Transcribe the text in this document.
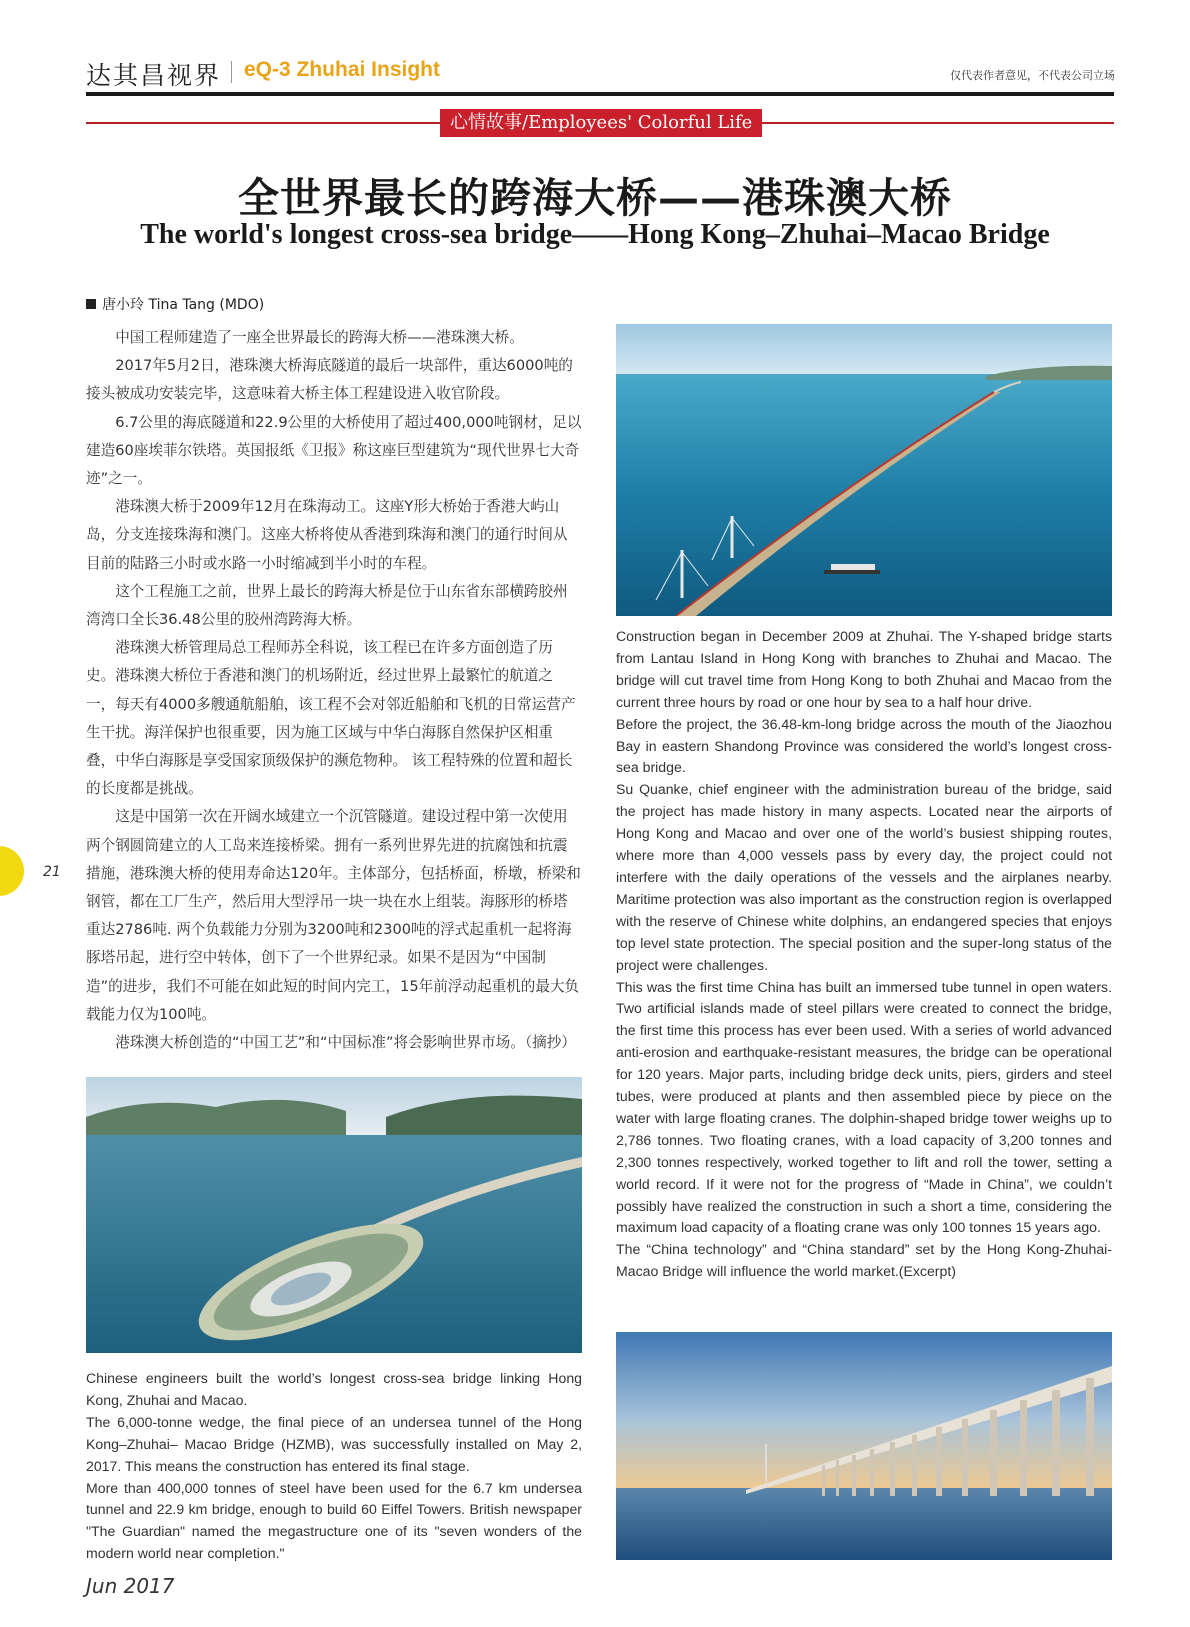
达其昌视界 eQ-3 Zhuhai Insight	仅代表作者意见，不代表公司立场
心情故事/Employees' Colorful Life
全世界最长的跨海大桥——港珠澳大桥
The world's longest cross-sea bridge——Hong Kong–Zhuhai–Macao Bridge
唐小玲 Tina Tang (MDO)

中国工程师建造了一座全世界最长的跨海大桥——港珠澳大桥。

2017年5月2日，港珠澳大桥海底隧道的最后一块部件，重达6000吨的接头被成功安装完毕，这意味着大桥主体工程建设进入收官阶段。

6.7公里的海底隧道和22.9公里的大桥使用了超过400,000吨钢材，足以建造60座埃菲尔铁塔。英国报纸《卫报》称这座巨型建筑为“现代世界七大奇迹”之一。

港珠澳大桥于2009年12月在珠海动工。这座Y形大桥始于香港大屿山岛，分支连接珠海和澳门。这座大桥将使从香港到珠海和澳门的通行时间从目前的陆路三小时或水路一小时缩减到半小时的车程。

这个工程施工之前，世界上最长的跨海大桥是位于山东省东部横跨胶州湾湾口全长36.48公里的胶州湾跨海大桥。

港珠澳大桥管理局总工程师苏全科说，该工程已在许多方面创造了历史。港珠澳大桥位于香港和澳门的机场附近，经过世界上最繁忙的航道之一，每天有4000多艘通航船舶，该工程不会对邻近船舶和飞机的日常运营产生干扰。海洋保护也很重要，因为施工区域与中华白海豚自然保护区相重叠，中华白海豚是享受国家顶级保护的濒危物种。 该工程特殊的位置和超长的长度都是挑战。

这是中国第一次在开阔水域建立一个沉管隧道。建设过程中第一次使用两个钢圆筒建立的人工岛来连接桥梁。拥有一系列世界先进的抗腐蚀和抗震措施，港珠澳大桥的使用寿命达120年。主体部分，包括桥面，桥墩，桥梁和钢管，都在工厂生产，然后用大型浮吊一块一块在水上组装。海豚形的桥塔重达2786吨. 两个负载能力分别为3200吨和2300吨的浮式起重机一起将海豚塔吊起，进行空中转体，创下了一个世界纪录。如果不是因为“中国制造”的进步，我们不可能在如此短的时间内完工，15年前浮动起重机的最大负载能力仅为100吨。

港珠澳大桥创造的“中国工艺”和“中国标准”将会影响世界市场。（摘抄）

Construction began in December 2009 at Zhuhai. The Y-shaped bridge starts from Lantau Island in Hong Kong with branches to Zhuhai and Macao. The bridge will cut travel time from Hong Kong to both Zhuhai and Macao from the current three hours by road or one hour by sea to a half hour drive.

Before the project, the 36.48-km-long bridge across the mouth of the Jiaozhou Bay in eastern Shandong Province was considered the world’s longest cross-sea bridge.

Su Quanke, chief engineer with the administration bureau of the bridge, said the project has made history in many aspects. Located near the airports of Hong Kong and Macao and over one of the world’s busiest shipping routes, where more than 4,000 vessels pass by every day, the project could not interfere with the daily operations of the vessels and the airplanes nearby. Maritime protection was also important as the construction region is overlapped with the reserve of Chinese white dolphins, an endangered species that enjoys top level state protection. The special position and the super-long status of the project were challenges.

This was the first time China has built an immersed tube tunnel in open waters. Two artificial islands made of steel pillars were created to connect the bridge, the first time this process has ever been used. With a series of world advanced anti-erosion and earthquake-resistant measures, the bridge can be operational for 120 years. Major parts, including bridge deck units, piers, girders and steel tubes, were produced at plants and then assembled piece by piece on the water with large floating cranes. The dolphin-shaped bridge tower weighs up to 2,786 tonnes. Two floating cranes, with a load capacity of 3,200 tonnes and 2,300 tonnes respectively, worked together to lift and roll the tower, setting a world record. If it were not for the progress of “Made in China”, we couldn’t possibly have realized the construction in such a short a time, considering the maximum load capacity of a floating crane was only 100 tonnes 15 years ago.

The “China technology” and “China standard” set by the Hong Kong-Zhuhai-Macao Bridge will influence the world market.(Excerpt)

Chinese engineers built the world’s longest cross-sea bridge linking Hong Kong, Zhuhai and Macao.

The 6,000-tonne wedge, the final piece of an undersea tunnel of the Hong Kong–Zhuhai– Macao Bridge (HZMB), was successfully installed on May 2, 2017. This means the construction has entered its final stage.

More than 400,000 tonnes of steel have been used for the 6.7 km undersea tunnel and 22.9 km bridge, enough to build 60 Eiffel Towers. British newspaper "The Guardian" named the megastructure one of its "seven wonders of the modern world near completion."

21
Jun 2017
